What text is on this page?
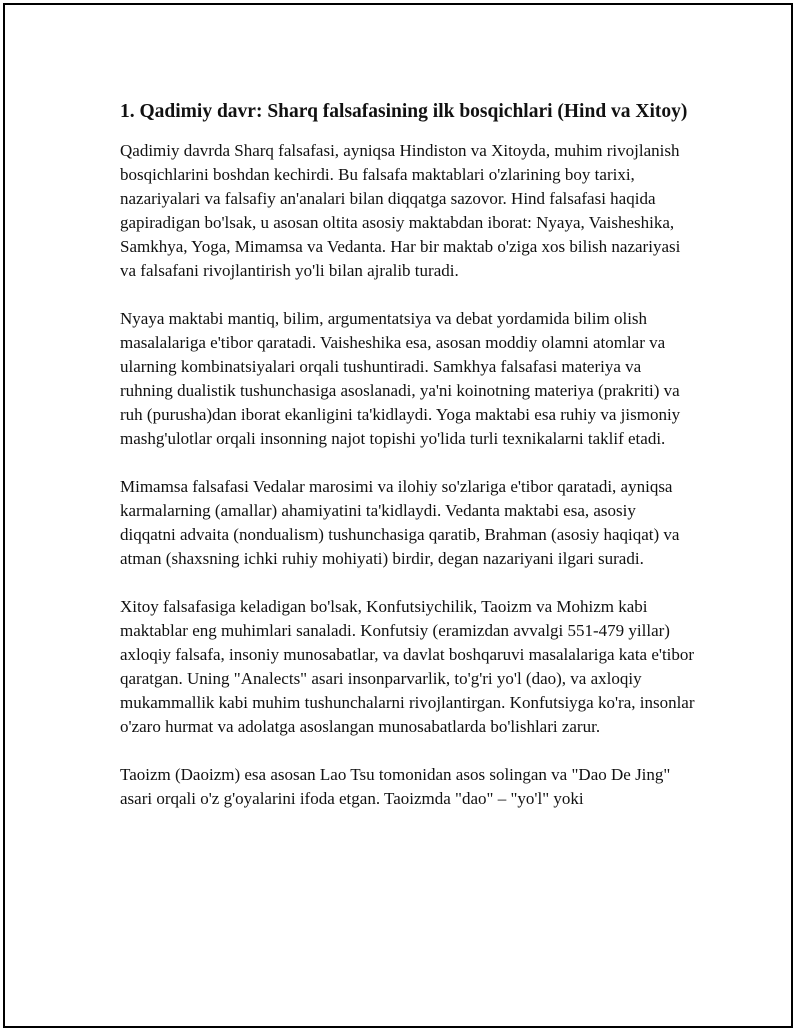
1. Qadimiy davr: Sharq falsafasining ilk bosqichlari (Hind va Xitoy)

Qadimiy davrda Sharq falsafasi, ayniqsa Hindiston va Xitoyda, muhim rivojlanish bosqichlarini boshdan kechirdi. Bu falsafa maktablari o'zlarining boy tarixi, nazariyalari va falsafiy an'analari bilan diqqatga sazovor. Hind falsafasi haqida gapiradigan bo'lsak, u asosan oltita asosiy maktabdan iborat: Nyaya, Vaisheshika, Samkhya, Yoga, Mimamsa va Vedanta. Har bir maktab o'ziga xos bilish nazariyasi va falsafani rivojlantirish yo'li bilan ajralib turadi.

Nyaya maktabi mantiq, bilim, argumentatsiya va debat yordamida bilim olish masalalariga e'tibor qaratadi. Vaisheshika esa, asosan moddiy olamni atomlar va ularning kombinatsiyalari orqali tushuntiradi. Samkhya falsafasi materiya va ruhning dualistik tushunchasiga asoslanadi, ya'ni koinotning materiya (prakriti) va ruh (purusha)dan iborat ekanligini ta'kidlaydi. Yoga maktabi esa ruhiy va jismoniy mashg'ulotlar orqali insonning najot topishi yo'lida turli texnikalarni taklif etadi.

Mimamsa falsafasi Vedalar marosimi va ilohiy so'zlariga e'tibor qaratadi, ayniqsa karmalarning (amallar) ahamiyatini ta'kidlaydi. Vedanta maktabi esa, asosiy diqqatni advaita (nondualism) tushunchasiga qaratib, Brahman (asosiy haqiqat) va atman (shaxsning ichki ruhiy mohiyati) birdir, degan nazariyani ilgari suradi.

Xitoy falsafasiga keladigan bo'lsak, Konfutsiychilik, Taoizm va Mohizm kabi maktablar eng muhimlari sanaladi. Konfutsiy (eramizdan avvalgi 551-479 yillar) axloqiy falsafa, insoniy munosabatlar, va davlat boshqaruvi masalalariga kata e'tibor qaratgan. Uning "Analects" asari insonparvarlik, to'g'ri yo'l (dao), va axloqiy mukammallik kabi muhim tushunchalarni rivojlantirgan. Konfutsiyga ko'ra, insonlar o'zaro hurmat va adolatga asoslangan munosabatlarda bo'lishlari zarur.

Taoizm (Daoizm) esa asosan Lao Tsu tomonidan asos solingan va "Dao De Jing" asari orqali o'z g'oyalarini ifoda etgan. Taoizmda "dao" – "yo'l" yoki
